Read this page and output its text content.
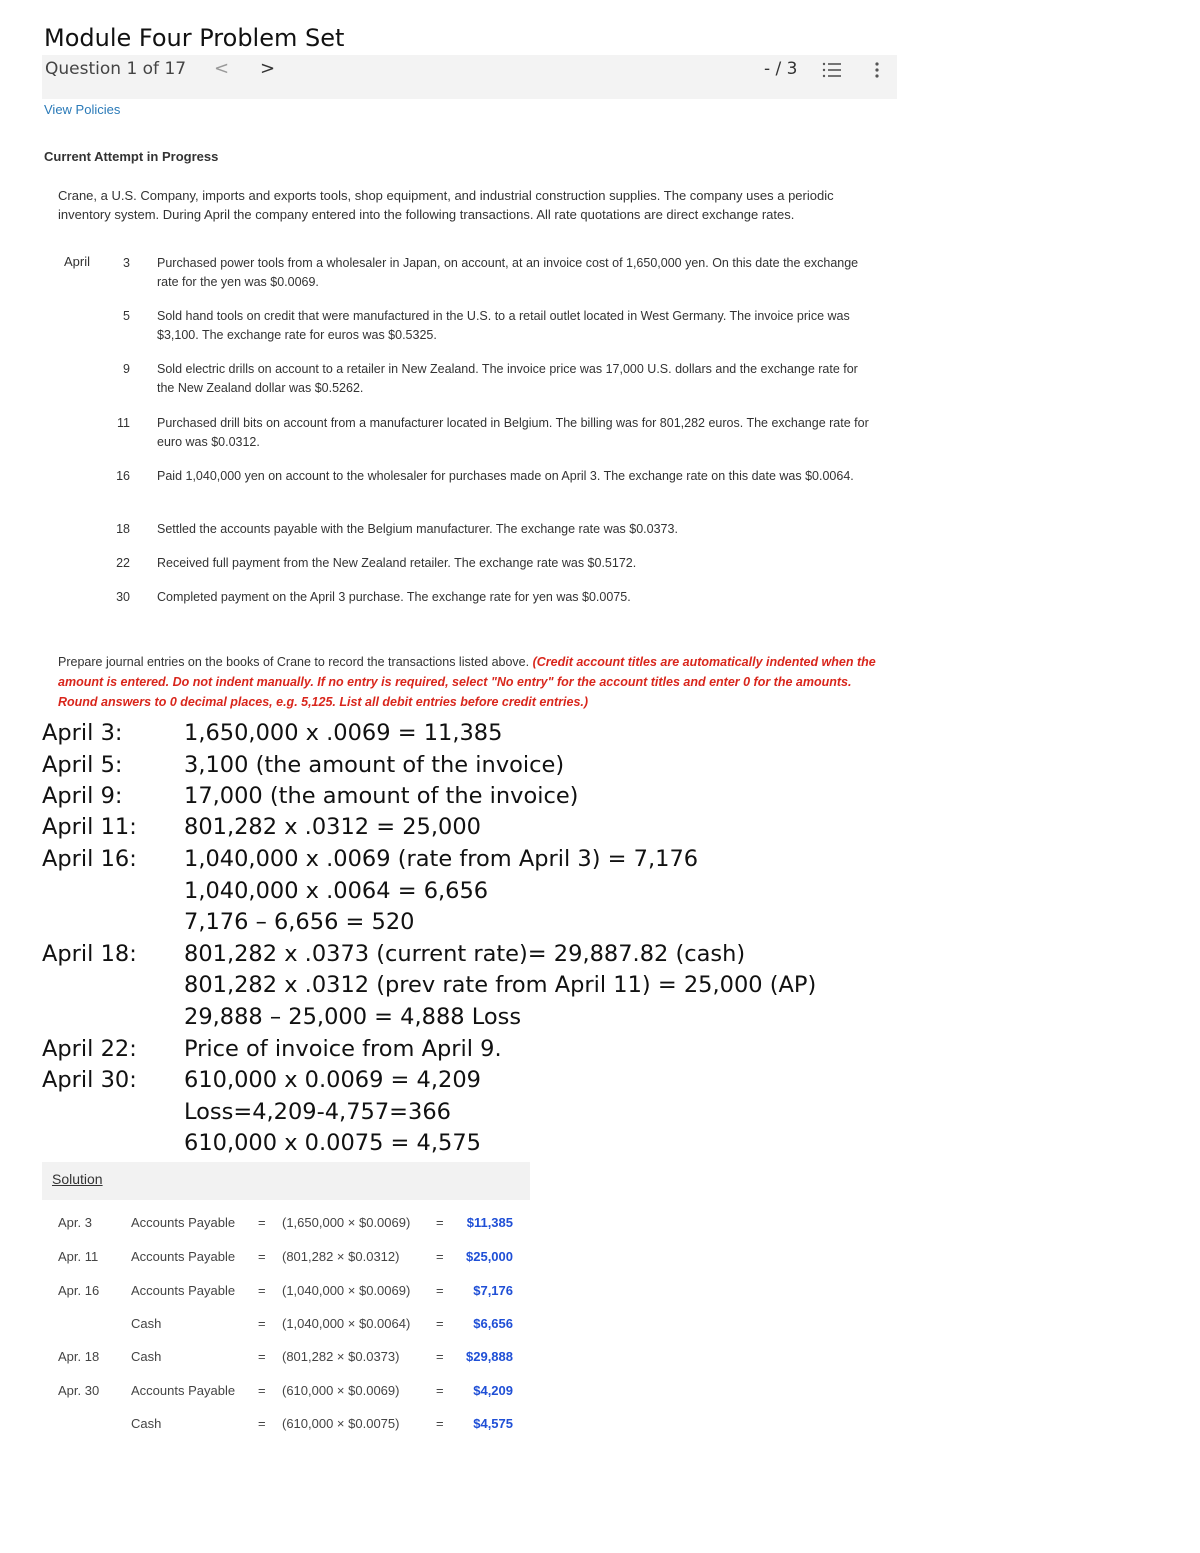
Module Four Problem Set
Question 1 of 17 < >	- / 3
View Policies
Current Attempt in Progress
Crane, a U.S. Company, imports and exports tools, shop equipment, and industrial construction supplies. The company uses a periodic inventory system. During April the company entered into the following transactions. All rate quotations are direct exchange rates.
April	3 Purchased power tools from a wholesaler in Japan, on account, at an invoice cost of 1,650,000 yen. On this date the exchange rate for the yen was $0.0069.
5 Sold hand tools on credit that were manufactured in the U.S. to a retail outlet located in West Germany. The invoice price was $3,100. The exchange rate for euros was $0.5325.
9 Sold electric drills on account to a retailer in New Zealand. The invoice price was 17,000 U.S. dollars and the exchange rate for the New Zealand dollar was $0.5262.
11 Purchased drill bits on account from a manufacturer located in Belgium. The billing was for 801,282 euros. The exchange rate for euro was $0.0312.
16 Paid 1,040,000 yen on account to the wholesaler for purchases made on April 3. The exchange rate on this date was $0.0064.
18 Settled the accounts payable with the Belgium manufacturer. The exchange rate was $0.0373.
22 Received full payment from the New Zealand retailer. The exchange rate was $0.5172.
30 Completed payment on the April 3 purchase. The exchange rate for yen was $0.0075.
Prepare journal entries on the books of Crane to record the transactions listed above. (Credit account titles are automatically indented when the amount is entered. Do not indent manually. If no entry is required, select "No entry" for the account titles and enter 0 for the amounts. Round answers to 0 decimal places, e.g. 5,125. List all debit entries before credit entries.)
April 3:	1,650,000 x .0069 = 11,385
April 5:	3,100 (the amount of the invoice)
April 9:	17,000 (the amount of the invoice)
April 11: 801,282 x .0312 = 25,000
April 16: 1,040,000 x .0069 (rate from April 3) = 7,176
1,040,000 x .0064 = 6,656
7,176 – 6,656 = 520
April 18: 801,282 x .0373 (current rate)= 29,887.82 (cash)
801,282 x .0312 (prev rate from April 11) = 25,000 (AP)
29,888 – 25,000 = 4,888 Loss
April 22: Price of invoice from April 9.
April 30: 610,000 x 0.0069 = 4,209
Loss=4,209-4,757=366
610,000 x 0.0075 = 4,575
Solution
Apr. 3	Accounts Payable = (1,650,000 × $0.0069) =	$11,385
Apr. 11	Accounts Payable = (801,282 × $0.0312)	=	$25,000
Apr. 16 Accounts Payable = (1,040,000 × $0.0069) =	$7,176
Cash	= (1,040,000 × $0.0064) =	$6,656
Apr. 18 Cash	= (801,282 × $0.0373)	=	$29,888
Apr. 30 Accounts Payable = (610,000 × $0.0069)	=	$4,209
Cash	= (610,000 × $0.0075)	=	$4,575
